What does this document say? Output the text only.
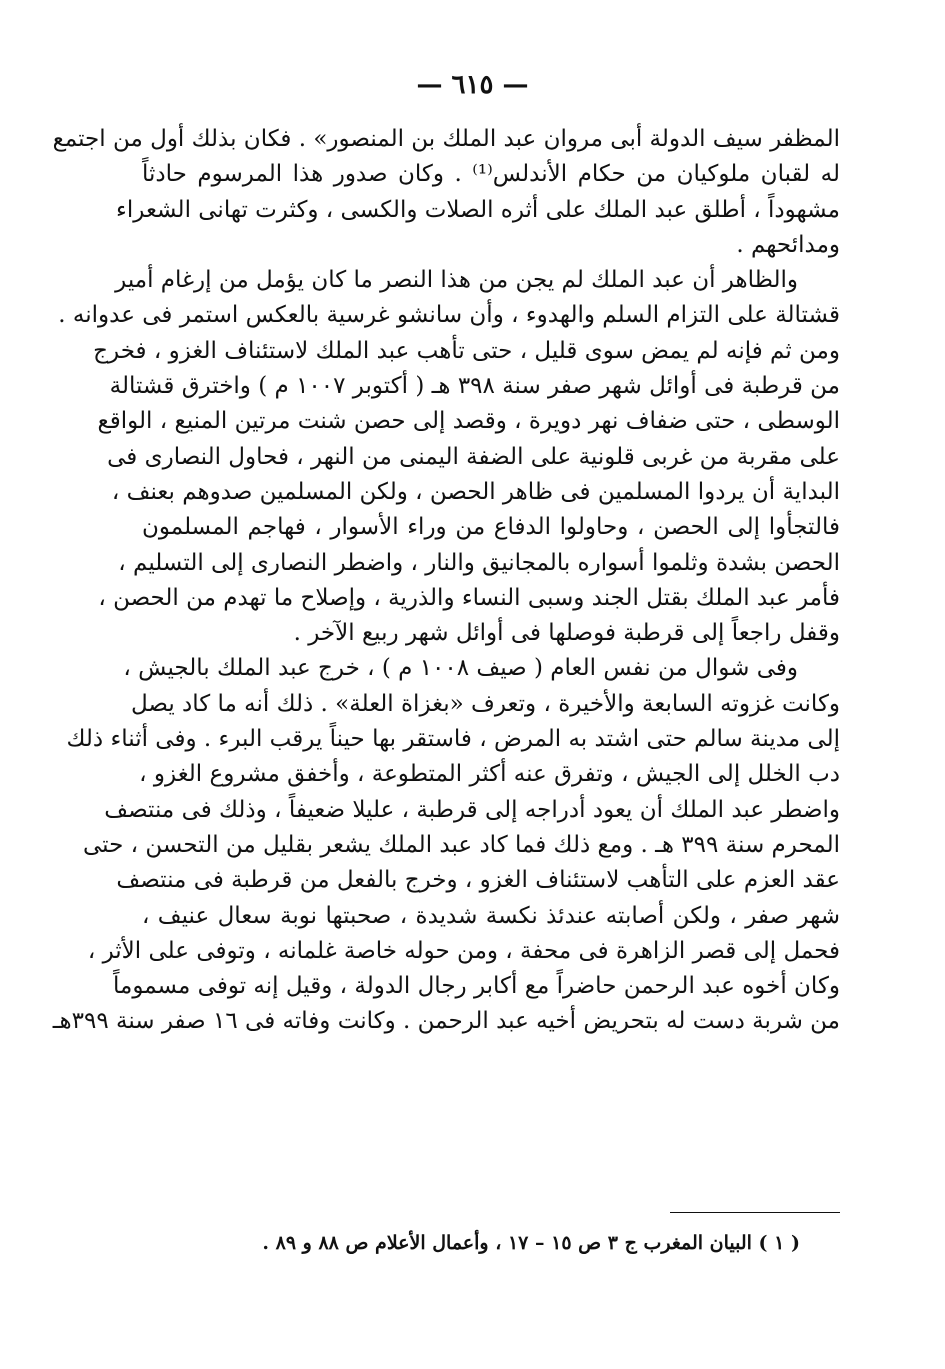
— ٦١٥ —
المظفر سيف الدولة أبى مروان عبد الملك بن المنصور» . فكان بذلك أول من اجتمع
له لقبان ملوكيان من حكام الأندلس⁽¹⁾ . وكان صدور هذا المرسوم حادثاً
مشهوداً ، أطلق عبد الملك على أثره الصلات والكسى ، وكثرت تهانى الشعراء
ومدائحهم .
والظاهر أن عبد الملك لم يجن من هذا النصر ما كان يؤمل من إرغام أمير
قشتالة على التزام السلم والهدوء ، وأن سانشو غرسية بالعكس استمر فى عدوانه .
ومن ثم فإنه لم يمض سوى قليل ، حتى تأهب عبد الملك لاستئناف الغزو ، فخرج
من قرطبة فى أوائل شهر صفر سنة ٣٩٨ هـ ( أكتوبر ١٠٠٧ م ) واخترق قشتالة
الوسطى ، حتى ضفاف نهر دويرة ، وقصد إلى حصن شنت مرتين المنيع ، الواقع
على مقربة من غربى قلونية على الضفة اليمنى من النهر ، فحاول النصارى فى
البداية أن يردوا المسلمين فى ظاهر الحصن ، ولكن المسلمين صدوهم بعنف ،
فالتجأوا إلى الحصن ، وحاولوا الدفاع من وراء الأسوار ، فهاجم المسلمون
الحصن بشدة وثلموا أسواره بالمجانيق والنار ، واضطر النصارى إلى التسليم ،
فأمر عبد الملك بقتل الجند وسبى النساء والذرية ، وإصلاح ما تهدم من الحصن ،
وقفل راجعاً إلى قرطبة فوصلها فى أوائل شهر ربيع الآخر .
وفى شوال من نفس العام ( صيف ١٠٠٨ م ) ، خرج عبد الملك بالجيش ،
وكانت غزوته السابعة والأخيرة ، وتعرف «بغزاة العلة» . ذلك أنه ما كاد يصل
إلى مدينة سالم حتى اشتد به المرض ، فاستقر بها حيناً يرقب البرء . وفى أثناء ذلك
دب الخلل إلى الجيش ، وتفرق عنه أكثر المتطوعة ، وأخفق مشروع الغزو ،
واضطر عبد الملك أن يعود أدراجه إلى قرطبة ، عليلا ضعيفاً ، وذلك فى منتصف
المحرم سنة ٣٩٩ هـ . ومع ذلك فما كاد عبد الملك يشعر بقليل من التحسن ، حتى
عقد العزم على التأهب لاستئناف الغزو ، وخرج بالفعل من قرطبة فى منتصف
شهر صفر ، ولكن أصابته عندئذ نكسة شديدة ، صحبتها نوبة سعال عنيف ،
فحمل إلى قصر الزاهرة فى محفة ، ومن حوله خاصة غلمانه ، وتوفى على الأثر ،
وكان أخوه عبد الرحمن حاضراً مع أكابر رجال الدولة ، وقيل إنه توفى مسموماً
من شربة دست له بتحريض أخيه عبد الرحمن . وكانت وفاته فى ١٦ صفر سنة ٣٩٩هـ
( ١ ) البيان المغرب ج ٣ ص ١٥ – ١٧ ، وأعمال الأعلام ص ٨٨ و ٨٩ .
